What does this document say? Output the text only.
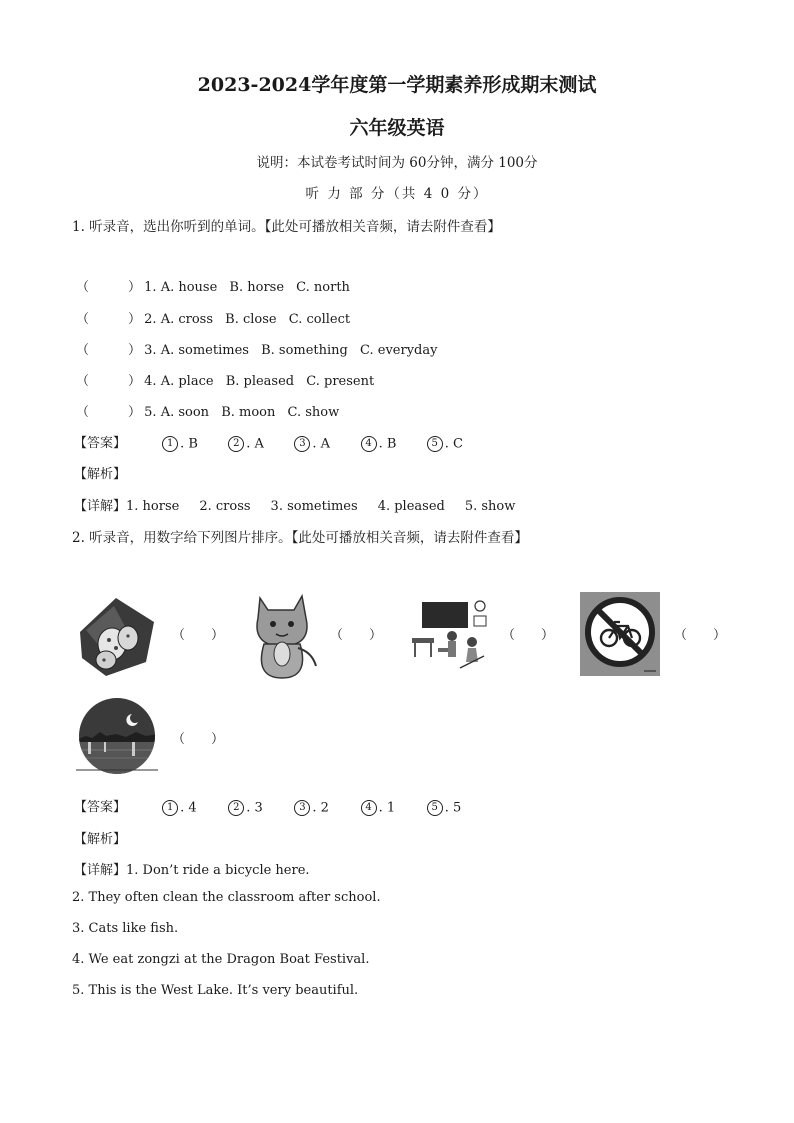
2023-2024学年度第一学期素养形成期末测试
六年级英语
说明：本试卷考试时间为 60分钟，满分 100分
听 力 部 分（共 4 0 分）
1. 听录音，选出你听到的单词。【此处可播放相关音频，请去附件查看】
（　　　） 1. A. house B. horse C. north
（　　　） 2. A. cross B. close C. collect
（　　　） 3. A. sometimes B. something C. everyday
（　　　） 4. A. place B. pleased C. present
（　　　） 5. A. soon B. moon C. show
【答案】	1 . B	2 . A	3 . A	4 . B	5 . C
【解析】
【详解】1. horse 2. cross 3. sometimes 4. pleased 5. show
2. 听录音，用数字给下列图片排序。【此处可播放相关音频，请去附件查看】
（　　）	（　　）	（　　）	（　　）
（　　）
【答案】	1 . 4	2 . 3	3 . 2	4 . 1	5 . 5
【解析】
【详解】1. Don’t ride a bicycle here.
2. They often clean the classroom after school.
3. Cats like fish.
4. We eat zongzi at the Dragon Boat Festival.
5. This is the West Lake. It’s very beautiful.
